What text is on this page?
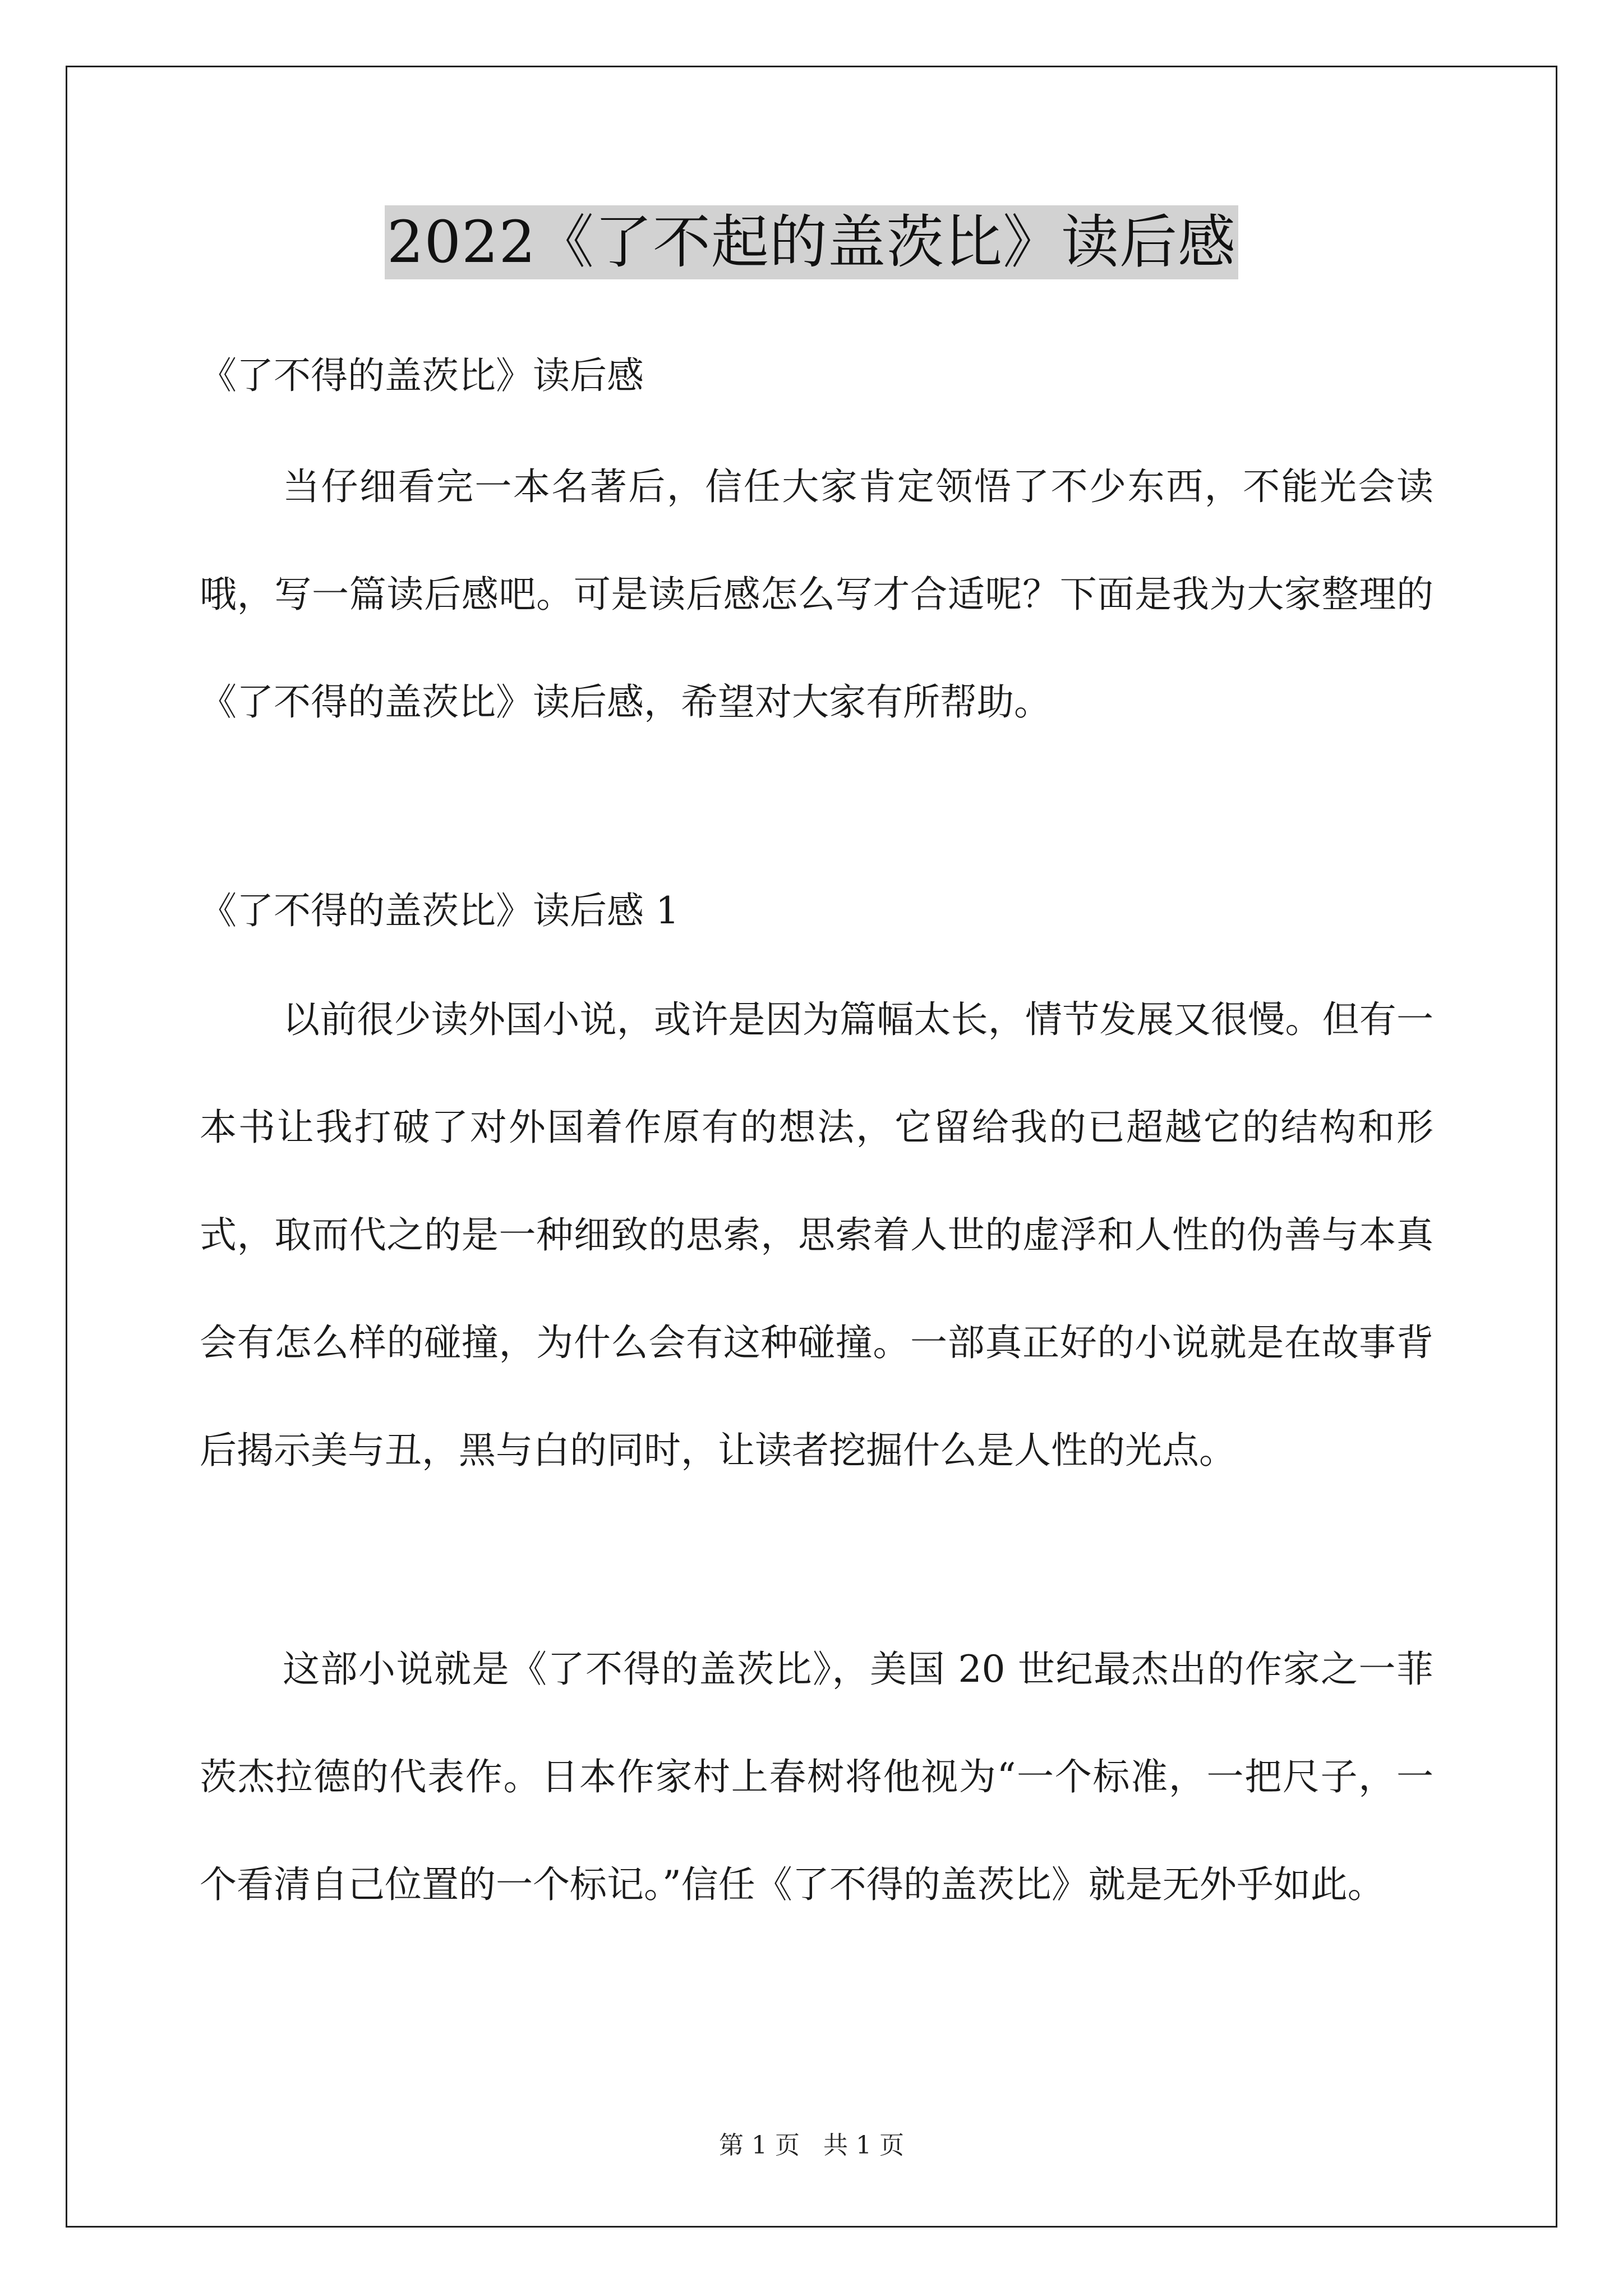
2022《了不起的盖茨比》读后感
《了不得的盖茨比》读后感

当仔细看完一本名著后，信任大家肯定领悟了不少东西，不能光会读哦，写一篇读后感吧。可是读后感怎么写才合适呢？下面是我为大家整理的《了不得的盖茨比》读后感，希望对大家有所帮助。

《了不得的盖茨比》读后感 1

以前很少读外国小说，或许是因为篇幅太长，情节发展又很慢。但有一本书让我打破了对外国着作原有的想法，它留给我的已超越它的结构和形式，取而代之的是一种细致的思索，思索着人世的虚浮和人性的伪善与本真会有怎么样的碰撞，为什么会有这种碰撞。一部真正好的小说就是在故事背后揭示美与丑，黑与白的同时，让读者挖掘什么是人性的光点。

这部小说就是《了不得的盖茨比》，美国 20 世纪最杰出的作家之一菲茨杰拉德的代表作。日本作家村上春树将他视为“一个标准，一把尺子，一个看清自己位置的一个标记。”信任《了不得的盖茨比》就是无外乎如此。

第 1 页 共 1 页
